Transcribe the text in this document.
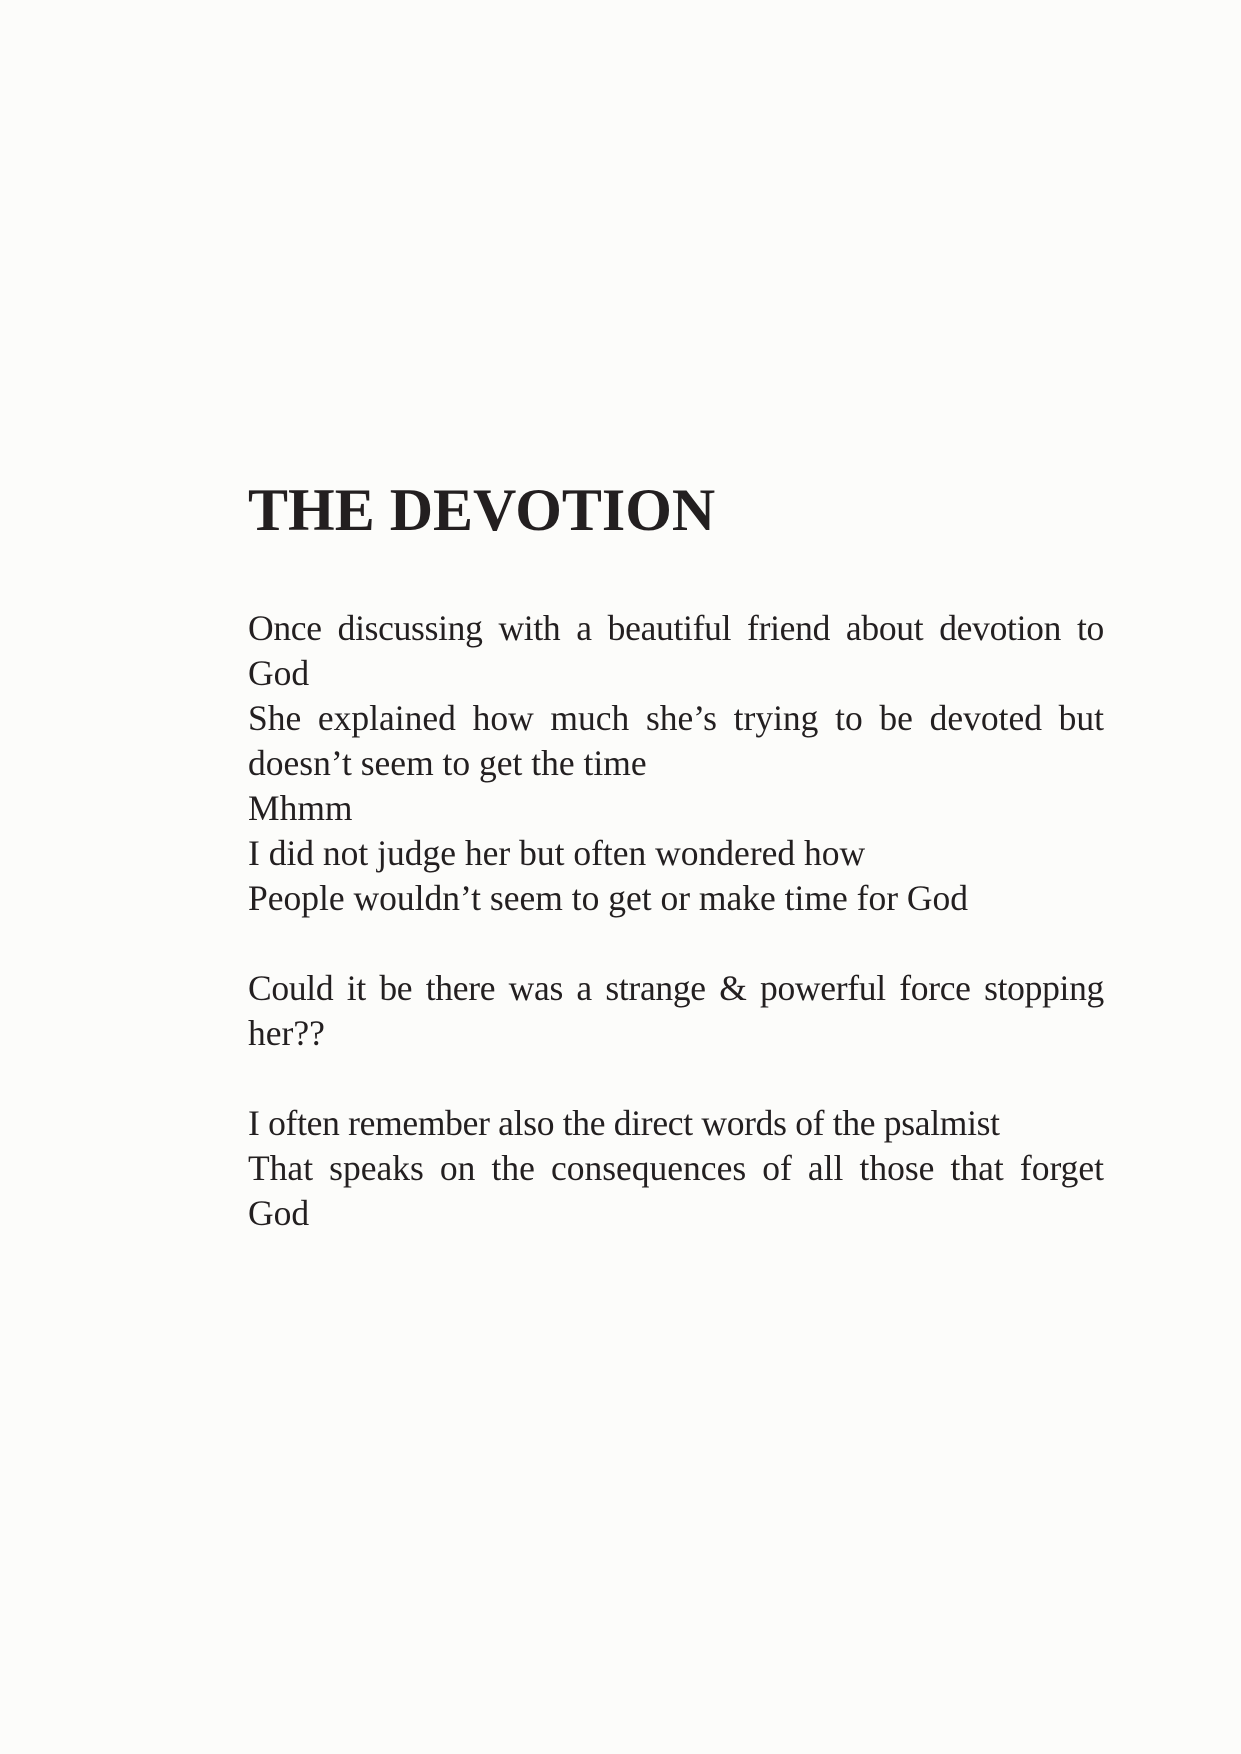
THE DEVOTION
Once discussing with a beautiful friend about devotion to
God
She explained how much she’s trying to be devoted but
doesn’t seem to get the time
Mhmm
I did not judge her but often wondered how
People wouldn’t seem to get or make time for God
Could it be there was a strange & powerful force stopping
her??
I often remember also the direct words of the psalmist
That speaks on the consequences of all those that forget
God
